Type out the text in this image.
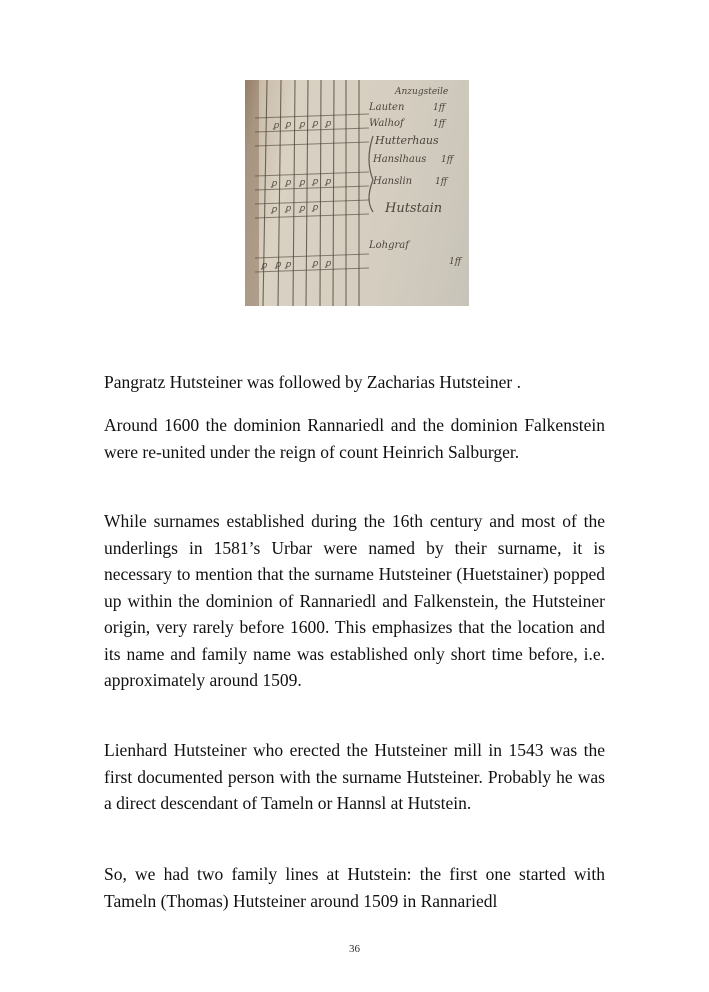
ꝑ ꝑ ꝑ ꝑ ꝑ
ꝑ ꝑ ꝑ ꝑ ꝑ
ꝑ ꝑ ꝑ ꝑ
ꝑ ꝑ ꝑ ꝑ ꝑ
Anzugsteile
Lauten	1ff
Walhof	1ff
Hutterhaus
Hanslhaus 1ff
Hanslin	1ff
Hutstain
Lohgraf
1ff

Pangratz Hutsteiner was followed by Zacharias Hutsteiner .

Around 1600 the dominion Rannariedl and the dominion Falkenstein were re-united under the reign of count Heinrich Salburger.

While surnames established during the 16th century and most of the underlings in 1581’s Urbar were named by their surname, it is necessary to mention that the surname Hutsteiner (Huetstainer) popped up within the dominion of Rannariedl and Falkenstein, the Hutsteiner origin, very rarely before 1600. This emphasizes that the location and its name and family name was established only short time before, i.e. approximately around 1509.

Lienhard Hutsteiner who erected the Hutsteiner mill in 1543 was the first documented person with the surname Hutsteiner. Probably he was a direct descendant of Tameln or Hannsl at Hutstein.

So, we had two family lines at Hutstein: the first one started with Tameln (Thomas) Hutsteiner around 1509 in Rannariedl

36
